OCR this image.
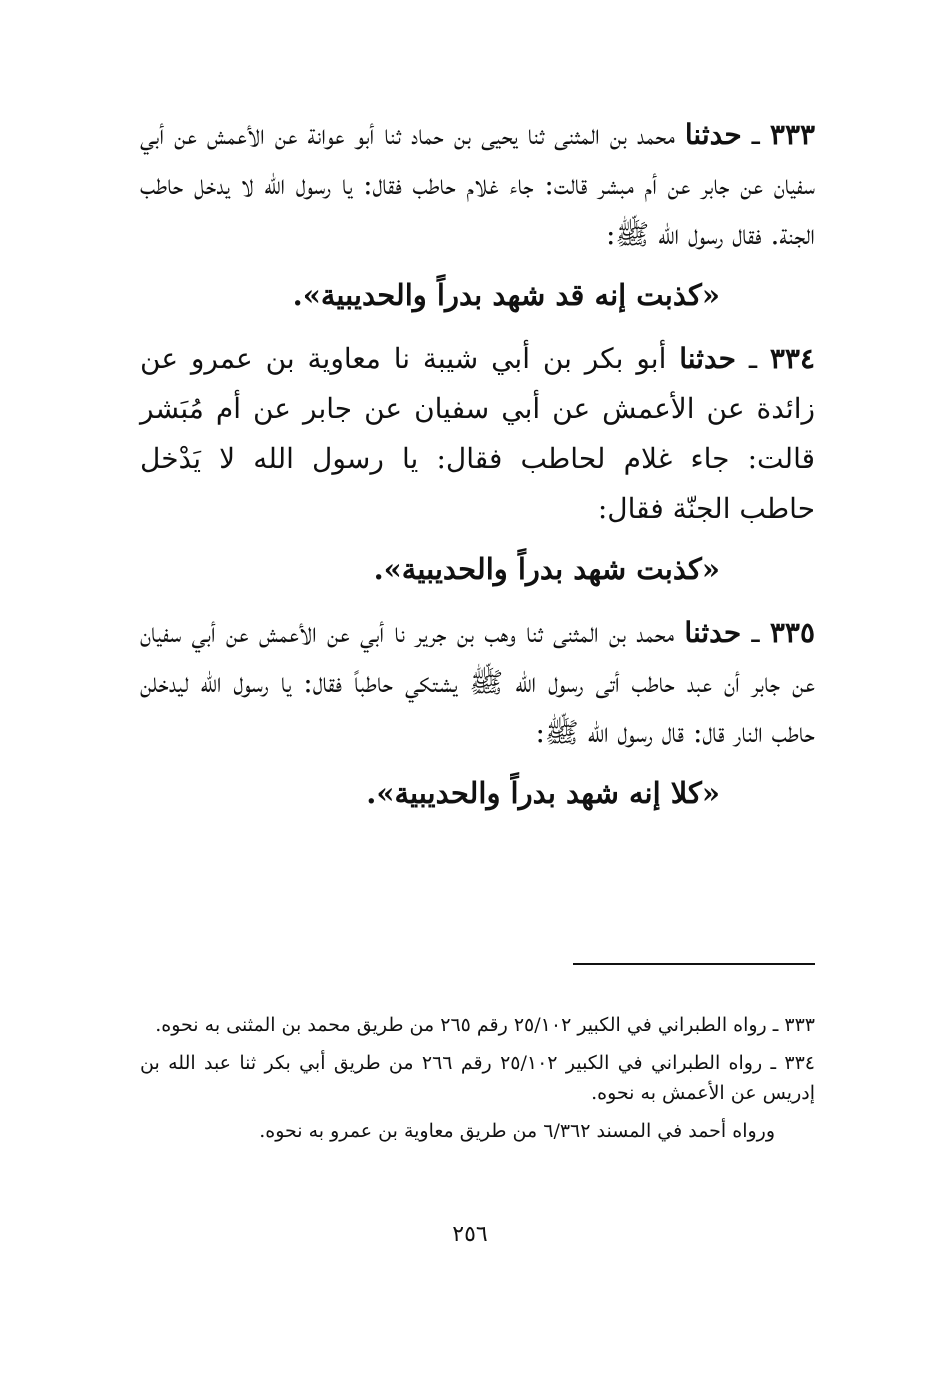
٣٣٣ ـ حدثنا محمد بن المثنى ثنا يحيى بن حماد ثنا أبو عوانة عن الأعمش عن أبي سفيان عن جابر عن أم مبشر قالت: جاء غلام حاطب فقال: يا رسول الله لا يدخل حاطب الجنة. فقال رسول الله ﷺ:

«كذبت إنه قد شهد بدراً والحديبية».

٣٣٤ ـ حدثنا أبو بكر بن أبي شيبة نا معاوية بن عمرو عن زائدة عن الأعمش عن أبي سفيان عن جابر عن أم مُبَشر قالت: جاء غلام لحاطب فقال: يا رسول الله لا يَدْخل حاطب الجنّة فقال:

«كذبت شهد بدراً والحديبية».

٣٣٥ ـ حدثنا محمد بن المثنى ثنا وهب بن جرير نا أبي عن الأعمش عن أبي سفيان عن جابر أن عبد حاطب أتى رسول الله ﷺ يشتكي حاطباً فقال: يا رسول الله ليدخلن حاطب النار قال: قال رسول الله ﷺ:

«كلا إنه شهد بدراً والحديبية».

٣٣٣ ـ رواه الطبراني في الكبير ٢٥/١٠٢ رقم ٢٦٥ من طريق محمد بن المثنى به نحوه.

٣٣٤ ـ رواه الطبراني في الكبير ٢٥/١٠٢ رقم ٢٦٦ من طريق أبي بكر ثنا عبد الله بن إدريس عن الأعمش به نحوه.

ورواه أحمد في المسند ٦/٣٦٢ من طريق معاوية بن عمرو به نحوه.

٢٥٦
